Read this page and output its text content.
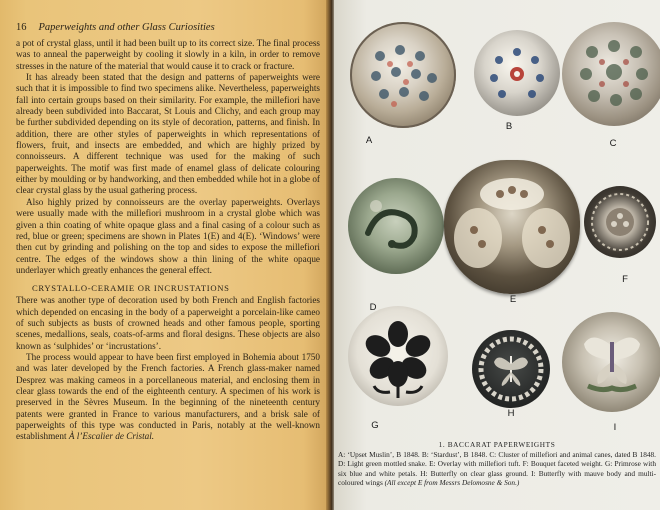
16 Paperweights and other Glass Curiosities

a pot of crystal glass, until it had been built up to its correct size. The final process was to anneal the paperweight by cooling it slowly in a kiln, in order to remove stresses in the nature of the material that would cause it to crack or fracture.

It has already been stated that the design and patterns of paperweights were such that it is impossible to find two specimens alike. Nevertheless, paperweights fall into certain groups based on their similarity. For example, the millefiori have already been subdivided into Baccarat, St Louis and Clichy, and each group may be further subdivided depending on its style of decoration, patterns, and finish. In addition, there are other styles of paperweights in which representations of flowers, fruit, and insects are embedded, and which are highly prized by connoisseurs. A different technique was used for the making of such paperweights. The motif was first made of enamel glass of delicate colouring either by moulding or by handworking, and then embedded while hot in a globe of clear crystal glass by the usual gathering process.

Also highly prized by connoisseurs are the overlay paperweights. Overlays were usually made with the millefiori mushroom in a crystal globe which was given a thin coating of white opaque glass and a final casing of a colour such as red, blue or green; specimens are shown in Plates 1(E) and 4(E). ‘Windows’ were then cut by grinding and polishing on the top and sides to expose the millefiori centre. The edges of the windows show a thin lining of the white opaque underlayer which greatly enhances the general effect.

CRYSTALLO-CERAMIE OR INCRUSTATIONS

There was another type of decoration used by both French and English factories which depended on encasing in the body of a paperweight a porcelain-like cameo of such subjects as busts of crowned heads and other famous people, sporting scenes, medallions, seals, coats-of-arms and floral designs. These objects are also known as ‘sulphides’ or ‘incrustations’.

The process would appear to have been first employed in Bohemia about 1750 and was later developed by the French factories. A French glass-maker named Desprez was making cameos in a porcellaneous material, and enclosing them in clear glass towards the end of the eighteenth century. A specimen of his work is preserved in the Sèvres Museum. In the beginning of the nineteenth century patents were granted in France to various manufacturers, and a brisk sale of paperweights of this type was conducted in Paris, notably at the well-known establishment À l’Escalier de Cristal.

A
B
C
D
E
F
G
H
I
1. BACCARAT PAPERWEIGHTS
A: ‘Upset Muslin’, B 1848. B: ‘Stardust’, B 1848. C: Cluster of millefiori and animal canes, dated B 1848. D: Light green mottled snake. E: Overlay with millefiori tuft. F: Bouquet faceted weight. G: Primrose with six blue and white petals. H: Butterfly on clear glass ground. I: Butterfly with mauve body and multi-coloured wings (All except E from Messrs Delomosne & Son.)
